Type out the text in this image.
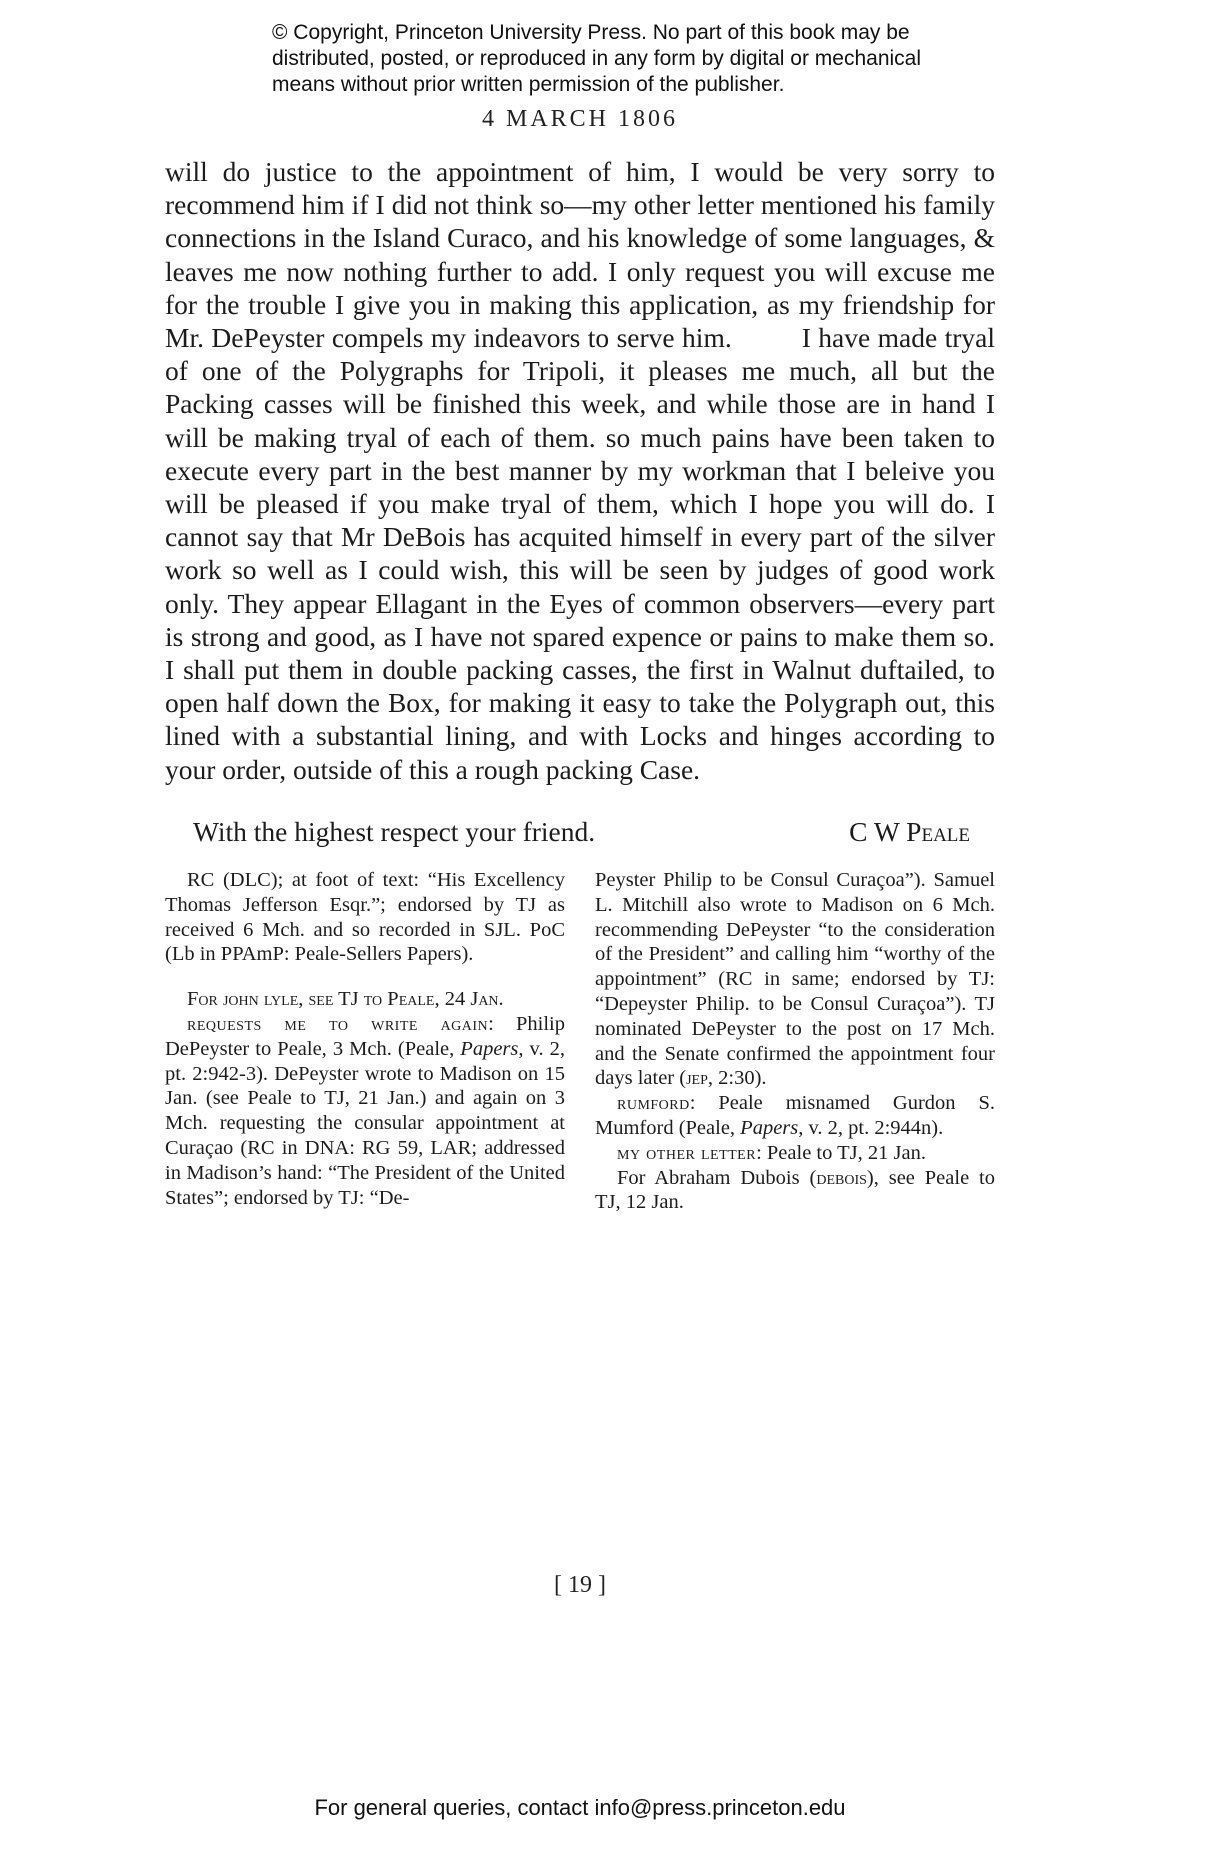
© Copyright, Princeton University Press. No part of this book may be
distributed, posted, or reproduced in any form by digital or mechanical
means without prior written permission of the publisher.
4 MARCH 1806
will do justice to the appointment of him, I would be very sorry to recommend him if I did not think so—my other letter mentioned his family connections in the Island Curaco, and his knowledge of some languages, & leaves me now nothing further to add. I only request you will excuse me for the trouble I give you in making this application, as my friendship for Mr. DePeyster compels my indeavors to serve him.	I have made tryal of one of the Polygraphs for Tripoli, it pleases me much, all but the Packing casses will be finished this week, and while those are in hand I will be making tryal of each of them. so much pains have been taken to execute every part in the best manner by my workman that I beleive you will be pleased if you make tryal of them, which I hope you will do. I cannot say that Mr DeBois has acquited himself in every part of the silver work so well as I could wish, this will be seen by judges of good work only. They appear Ellagant in the Eyes of common observers—every part is strong and good, as I have not spared expence or pains to make them so. I shall put them in double packing casses, the first in Walnut duftailed, to open half down the Box, for making it easy to take the Polygraph out, this lined with a substantial lining, and with Locks and hinges according to your order, outside of this a rough packing Case.
With the highest respect your friend.	C W Peale

RC (DLC); at foot of text: “His Excellency Thomas Jefferson Esqr.”; endorsed by TJ as received 6 Mch. and so recorded in SJL. PoC (Lb in PPAmP: Peale-Sellers Papers).

For john lyle, see TJ to Peale, 24 Jan.

requests me to write again: Philip DePeyster to Peale, 3 Mch. (Peale, Papers, v. 2, pt. 2:942-3). DePeyster wrote to Madison on 15 Jan. (see Peale to TJ, 21 Jan.) and again on 3 Mch. requesting the consular appointment at Curaçao (RC in DNA: RG 59, LAR; addressed in Madison’s hand: “The President of the United States”; endorsed by TJ: “De-

Peyster Philip to be Consul Curaçoa”). Samuel L. Mitchill also wrote to Madison on 6 Mch. recommending DePeyster “to the consideration of the President” and calling him “worthy of the appointment” (RC in same; endorsed by TJ: “Depeyster Philip. to be Consul Curaçoa”). TJ nominated DePeyster to the post on 17 Mch. and the Senate confirmed the appointment four days later (jep, 2:30).

rumford: Peale misnamed Gurdon S. Mumford (Peale, Papers, v. 2, pt. 2:944n).

my other letter: Peale to TJ, 21 Jan.

For Abraham Dubois (debois), see Peale to TJ, 12 Jan.

[ 19 ]
For general queries, contact info@press.princeton.edu
